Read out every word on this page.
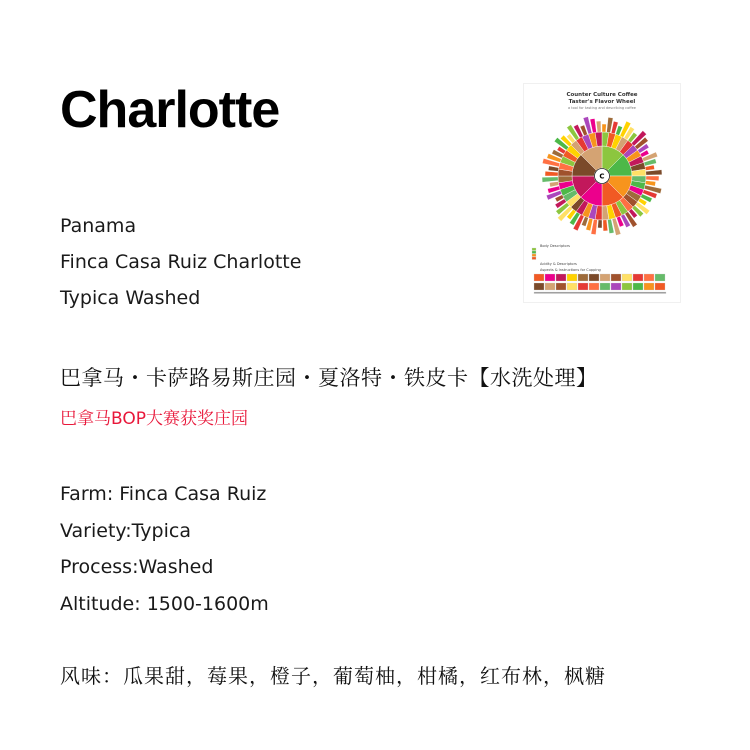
Charlotte
Panama
Finca Casa Ruiz Charlotte
Typica Washed
巴拿马・卡萨路易斯庄园・夏洛特・铁皮卡【水洗处理】
巴拿马BOP大赛获奖庄园
Farm: Finca Casa Ruiz
Variety:Typica
Process:Washed
Altitude: 1500-1600m
风味：瓜果甜，莓果，橙子，葡萄柚，柑橘，红布林，枫糖
Counter Culture Coffee
Taster's Flavor Wheel
a tool for tasting and describing coffee
C
Body Descriptors
Acidity & Descriptors
Aspects & Instructions for Cupping
